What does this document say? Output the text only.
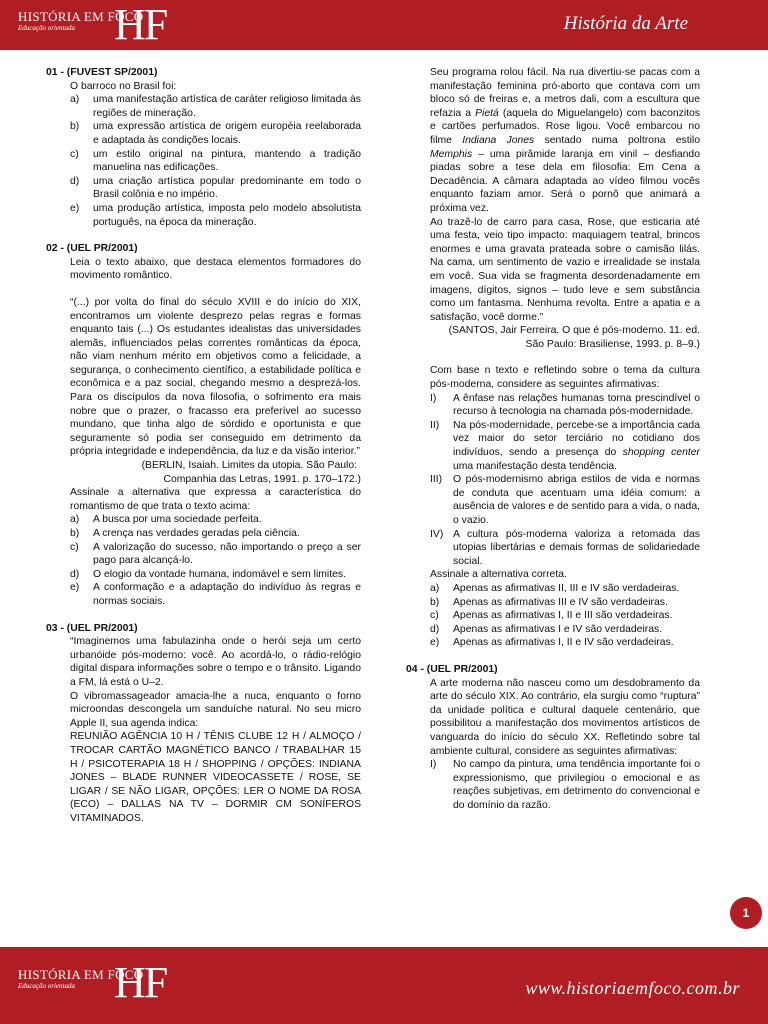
HISTÓRIA EM FOCO
Educação orientada HF	História da Arte

01 - (FUVEST SP/2001)

O barroco no Brasil foi:

a)	uma manifestação artística de caráter religioso limitada às regiões de mineração.
b)	uma expressão artística de origem européia reelaborada e adaptada às condições locais.
c)	um estilo original na pintura, mantendo a tradição manuelina nas edificações.
d)	uma criação artística popular predominante em todo o Brasil colônia e no império.
e)	uma produção artística, imposta pelo modelo absolutista português, na época da mineração.

02 - (UEL PR/2001)

Leia o texto abaixo, que destaca elementos formadores do movimento romântico.

“(...) por volta do final do século XVIII e do início do XIX, encontramos um violente desprezo pelas regras e formas enquanto tais (...) Os estudantes idealistas das universidades alemãs, influenciados pelas correntes românticas da época, não viam nenhum mérito em objetivos como a felicidade, a segurança, o conhecimento científico, a estabilidade política e econômica e a paz social, chegando mesmo a desprezá-los. Para os discípulos da nova filosofia, o sofrimento era mais nobre que o prazer, o fracasso era preferível ao sucesso mundano, que tinha algo de sórdido e oportunista e que seguramente só podia ser conseguido em detrimento da própria integridade e independência, da luz e da visão interior.”

(BERLIN, Isaiah. Limites da utopia. São Paulo:

Companhia das Letras, 1991. p. 170–172.)

Assinale a alternativa que expressa a característica do romantismo de que trata o texto acima:

a)	A busca por uma sociedade perfeita.
b)	A crença nas verdades geradas pela ciência.
c)	A valorização do sucesso, não importando o preço a ser pago para alcançá-lo.
d)	O elogio da vontade humana, indomável e sem limites.
e)	A conformação e a adaptação do indivíduo às regras e normas sociais.

03 - (UEL PR/2001)

“Imaginemos uma fabulazinha onde o herói seja um certo urbanóide pós-moderno: você. Ao acordá-lo, o rádio-relógio digital dispara informações sobre o tempo e o trânsito. Ligando a FM, lá está o U–2.

O vibromassageador amacia-lhe a nuca, enquanto o forno microondas descongela um sanduíche natural. No seu micro Apple II, sua agenda indica:

REUNIÃO AGÊNCIA 10 H / TÊNIS CLUBE 12 H / ALMOÇO / TROCAR CARTÃO MAGNÉTICO BANCO / TRABALHAR 15 H / PSICOTERAPIA 18 H / SHOPPING / OPÇÕES: INDIANA JONES – BLADE RUNNER VIDEOCASSETE / ROSE, SE LIGAR / SE NÃO LIGAR, OPÇÕES: LER O NOME DA ROSA (ECO) – DALLAS NA TV – DORMIR CM SONÍFEROS VITAMINADOS.

Seu programa rolou fácil. Na rua divertiu-se pacas com a manifestação feminina pró-aborto que contava com um bloco só de freiras e, a metros dali, com a escultura que refazia a Pietá (aquela do Miguelangelo) com baconzitos e cartões perfumados. Rose ligou. Você embarcou no filme Indiana Jones sentado numa poltrona estilo Memphis – uma pirâmide laranja em vinil – desfiando piadas sobre a tese dela em filosofia: Em Cena a Decadência. A câmara adaptada ao vídeo filmou vocês enquanto faziam amor. Será o pornô que animará a próxima vez.

Ao trazê-lo de carro para casa, Rose, que esticaria até uma festa, veio tipo impacto: maquiagem teatral, brincos enormes e uma gravata prateada sobre o camisão lilás. Na cama, um sentimento de vazio e irrealidade se instala em você. Sua vida se fragmenta desordenadamente em imagens, dígitos, signos – tudo leve e sem substância como um fantasma. Nenhuma revolta. Entre a apatia e a satisfação, você dorme.”

(SANTOS, Jair Ferreira. O que é pós-moderno. 11. ed.

São Paulo: Brasiliense, 1993. p. 8–9.)

Com base n texto e refletindo sobre o tema da cultura pós-moderna, considere as seguintes afirmativas:

I)	A ênfase nas relações humanas torna prescindível o recurso à tecnologia na chamada pós-modernidade.
II)	Na pós-modernidade, percebe-se a importância cada vez maior do setor terciário no cotidiano dos indivíduos, sendo a presença do shopping center uma manifestação desta tendência.
III)	O pós-modernismo abriga estilos de vida e normas de conduta que acentuam uma idéia comum: a ausência de valores e de sentido para a vida, o nada, o vazio.
IV) A cultura pós-moderna valoriza a retomada das utopias libertárias e demais formas de solidariedade social.

Assinale a alternativa correta.

a)	Apenas as afirmativas II, III e IV são verdadeiras.
b)	Apenas as afirmativas III e IV são verdadeiras.
c)	Apenas as afirmativas I, II e III são verdadeiras.
d)	Apenas as afirmativas I e IV são verdadeiras.
e)	Apenas as afirmativas I, II e IV são verdadeiras.

04 - (UEL PR/2001)

A arte moderna não nasceu como um desdobramento da arte do século XIX. Ao contrário, ela surgiu como “ruptura” da unidade política e cultural daquele centenário, que possibilitou a manifestação dos movimentos artísticos de vanguarda do início do século XX. Refletindo sobre tal ambiente cultural, considere as seguintes afirmativas:

I)	No campo da pintura, uma tendência importante foi o expressionismo, que privilegiou o emocional e as reações subjetivas, em detrimento do convencional e do domínio da razão.
1
HISTÓRIA EM FOCO
Educação orientada HF	www.historiaemfoco.com.br
